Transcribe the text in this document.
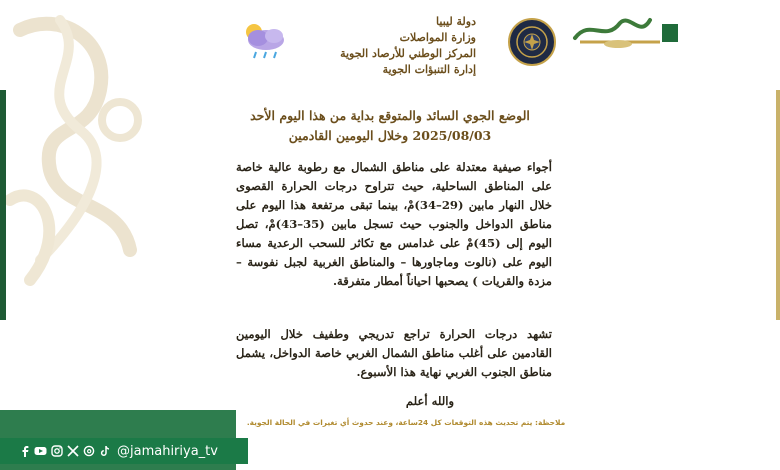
دولة ليبيا
وزارة المواصلات
المركز الوطني للأرصاد الجوية
إدارة التنبؤات الجوية
الوضع الجوي السائد والمتوقع بداية من هذا اليوم الأحد
2025/08/03 وخلال اليومين القادمين
أجواء صيفية معتدلة على مناطق الشمال مع رطوبة عالية خاصة على المناطق الساحلية، حيث تتراوح درجات الحرارة القصوى خلال النهار مابين (29–34)مْ، بينما تبقى مرتفعة هذا اليوم على مناطق الدواخل والجنوب حيث تسجل مابين (35–43)مْ، تصل اليوم إلى (45)مْ على غدامس مع تكاثر للسحب الرعدية مساء اليوم على (نالوت وماجاورها – والمناطق الغربية لجبل نفوسة – مزدة والقريات ) يصحبها احياناً أمطار متفرقة.
تشهد درجات الحرارة تراجع تدريجي وطفيف خلال اليومين القادمين على أغلب مناطق الشمال الغربي خاصة الدواخل، يشمل مناطق الجنوب الغربي نهاية هذا الأسبوع.
والله أعلم
ملاحظة: يتم تحديث هذه التوقعات كل 24ساعة، وعند حدوث أي تغيرات في الحالة الجوية.
@jamahiriya_tv
